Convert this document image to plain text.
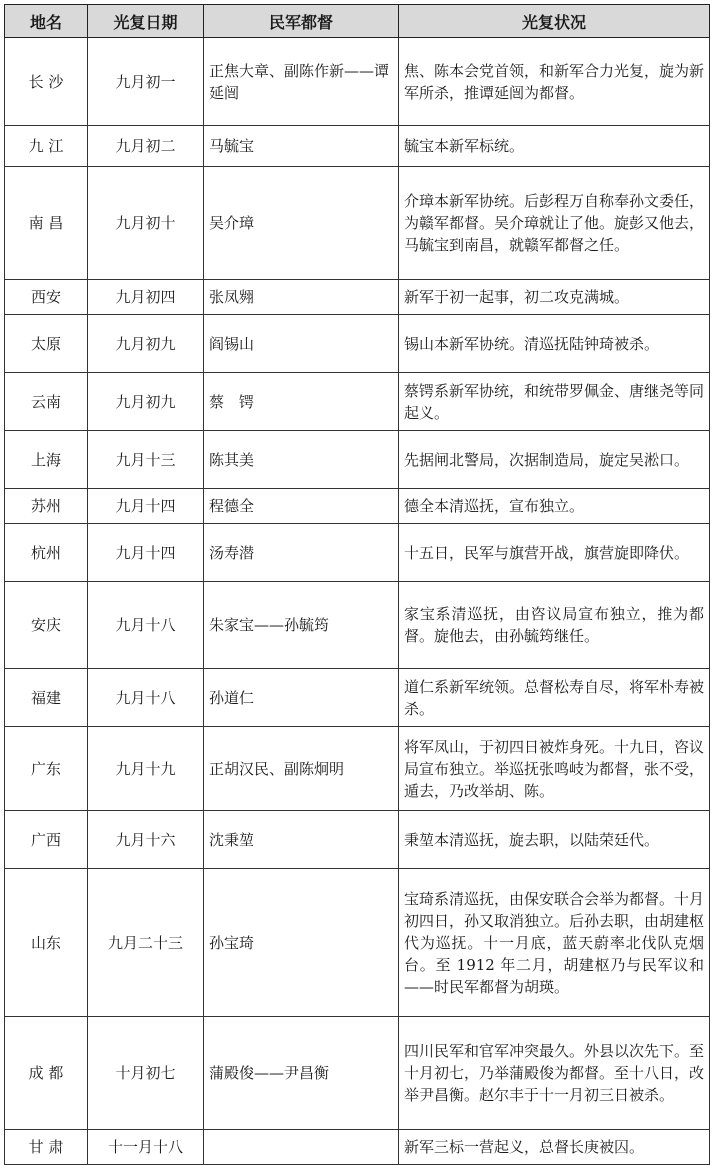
地名	光复日期	民军都督	光复状况
长 沙	九月初一	正焦大章、副陈作新——谭延闿	焦、陈本会党首领，和新军合力光复，旋为新军所杀，推谭延闿为都督。
九 江	九月初二	马毓宝	毓宝本新军标统。
南 昌	九月初十	吴介璋	介璋本新军协统。后彭程万自称奉孙文委任，为赣军都督。吴介璋就让了他。旋彭又他去，马毓宝到南昌，就赣军都督之任。
西安	九月初四	张凤翙	新军于初一起事，初二攻克满城。
太原	九月初九	阎锡山	锡山本新军协统。清巡抚陆钟琦被杀。
云南	九月初九	蔡　锷	蔡锷系新军协统，和统带罗佩金、唐继尧等同起义。
上海	九月十三	陈其美	先据闸北警局，次据制造局，旋定吴淞口。
苏州	九月十四	程德全	德全本清巡抚，宣布独立。
杭州	九月十四	汤寿潜	十五日，民军与旗营开战，旗营旋即降伏。
安庆	九月十八	朱家宝——孙毓筠	家宝系清巡抚，由咨议局宣布独立，推为都督。旋他去，由孙毓筠继任。
福建	九月十八	孙道仁	道仁系新军统领。总督松寿自尽，将军朴寿被杀。
广东	九月十九	正胡汉民、副陈炯明	将军凤山，于初四日被炸身死。十九日，咨议局宣布独立。举巡抚张鸣岐为都督，张不受，遁去，乃改举胡、陈。
广西	九月十六	沈秉堃	秉堃本清巡抚，旋去职，以陆荣廷代。
山东	九月二十三	孙宝琦	宝琦系清巡抚，由保安联合会举为都督。十月初四日，孙又取消独立。后孙去职，由胡建枢代为巡抚。十一月底，蓝天蔚率北伐队克烟台。至 1912 年二月，胡建枢乃与民军议和——时民军都督为胡瑛。
成 都	十月初七	蒲殿俊——尹昌衡	四川民军和官军冲突最久。外县以次先下。至十月初七，乃举蒲殿俊为都督。至十八日，改举尹昌衡。赵尔丰于十一月初三日被杀。
甘 肃	十一月十八		新军三标一营起义，总督长庚被囚。
